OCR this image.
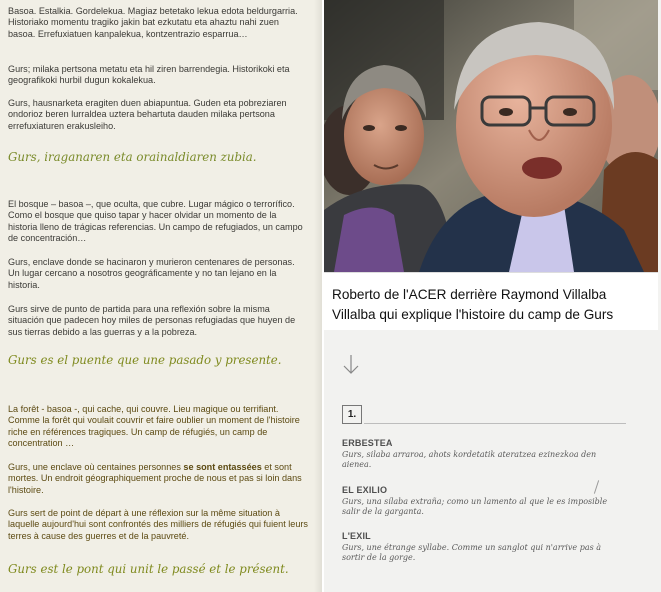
Basoa. Estalkia. Gordelekua. Magiaz betetako lekua edota beldurgarria. Historiako momentu tragiko jakin bat ezkutatu eta ahaztu nahi zuen basoa. Errefuxiatuen kanpalekua, kontzentrazio esparrua…

Gurs; milaka pertsona metatu eta hil ziren barrendegia. Historikoki eta geografikoki hurbil dugun kokalekua.

Gurs, hausnarketa eragiten duen abiapuntua. Guden eta pobreziaren ondorioz beren lurraldea uztera behartuta dauden milaka pertsona errefuxiaturen erakusleiho.

Gurs, iraganaren eta orainaldiaren zubia.

El bosque – basoa –, que oculta, que cubre. Lugar mágico o terrorífico. Como el bosque que quiso tapar y hacer olvidar un momento de la historia lleno de trágicas referencias. Un campo de refugiados, un campo de concentración…

Gurs, enclave donde se hacinaron y murieron centenares de personas. Un lugar cercano a nosotros geográficamente y no tan lejano en la historia.

Gurs sirve de punto de partida para una reflexión sobre la misma situación que padecen hoy miles de personas refugiadas que huyen de sus tierras debido a las guerras y a la pobreza.

Gurs es el puente que une pasado y presente.

La forêt - basoa -, qui cache, qui couvre. Lieu magique ou terrifiant. Comme la forêt qui voulait couvrir et faire oublier un moment de l'histoire riche en références tragiques. Un camp de réfugiés, un camp de concentration …

Gurs, une enclave où centaines personnes se sont entassées et sont mortes. Un endroit géographiquement proche de nous et pas si loin dans l'histoire.

Gurs sert de point de départ à une réflexion sur la même situation à laquelle aujourd'hui sont confrontés des milliers de réfugiés qui fuient leurs terres à cause des guerres et de la pauvreté.

Gurs est le pont qui unit le passé et le présent.

Roberto de l'ACER derrière Raymond Villalba
Villalba qui explique l'histoire du camp de Gurs
1.
ERBESTEA

Gurs, silaba arraroa, ahots kordetatik ateratzea ezinezkoa den aienea.

EL EXILIO

Gurs, una sílaba extraña; como un lamento al que le es imposible salir de la garganta.

L'EXIL

Gurs, une étrange syllabe. Comme un sanglot qui n'arrive pas à sortir de la gorge.
